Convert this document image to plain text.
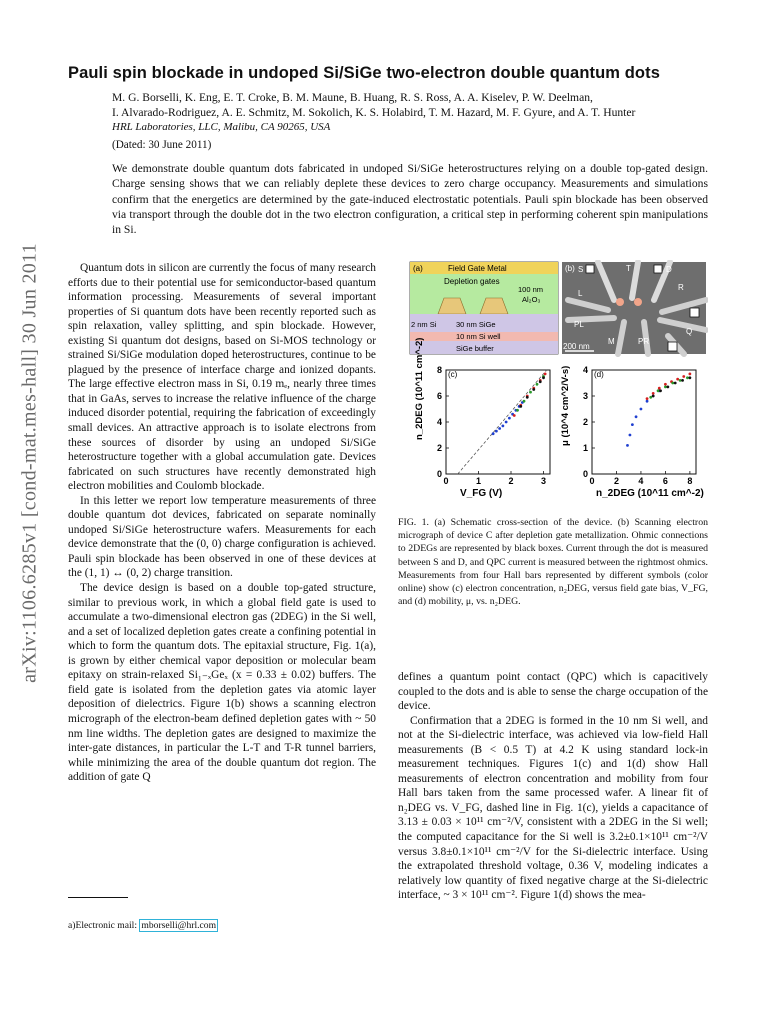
Pauli spin blockade in undoped Si/SiGe two-electron double quantum dots
M. G. Borselli, K. Eng, E. T. Croke, B. M. Maune, B. Huang, R. S. Ross, A. A. Kiselev, P. W. Deelman,
I. Alvarado-Rodriguez, A. E. Schmitz, M. Sokolich, K. S. Holabird, T. M. Hazard, M. F. Gyure, and A. T. Hunter
HRL Laboratories, LLC, Malibu, CA 90265, USA
(Dated: 30 June 2011)
We demonstrate double quantum dots fabricated in undoped Si/SiGe heterostructures relying on a double top-gated design. Charge sensing shows that we can reliably deplete these devices to zero charge occupancy. Measurements and simulations confirm that the energetics are determined by the gate-induced electrostatic potentials. Pauli spin blockade has been observed via transport through the double dot in the two electron configuration, a critical step in performing coherent spin manipulations in Si.
arXiv:1106.6285v1 [cond-mat.mes-hall] 30 Jun 2011	Quantum dots in silicon are currently the focus of many research efforts due to their potential use for semiconductor-based quantum information processing. Measurements of several important properties of Si quantum dots have been recently reported such as spin relaxation, valley splitting, and spin blockade. However, existing Si quantum dot designs, based on Si-MOS technology or strained Si/SiGe modulation doped heterostructures, continue to be plagued by the presence of interface charge and ionized dopants. The large effective electron mass in Si, 0.19 mₑ, nearly three times that in GaAs, serves to increase the relative influence of the charge induced disorder potential, requiring the fabrication of exceedingly small devices. An attractive approach is to isolate electrons from these sources of disorder by using an undoped Si/SiGe heterostructure together with a global accumulation gate. Devices fabricated on such structures have recently demonstrated high electron mobilities and Coulomb blockade.

In this letter we report low temperature measurements of three double quantum dot devices, fabricated on separate nominally undoped Si/SiGe heterostructure wafers. Measurements for each device demonstrate that the (0, 0) charge configuration is achieved. Pauli spin blockade has been observed in one of these devices at the (1, 1) ↔ (0, 2) charge transition.

The device design is based on a double top-gated structure, similar to previous work, in which a global field gate is used to accumulate a two-dimensional electron gas (2DEG) in the Si well, and a set of localized depletion gates create a confining potential in which to form the quantum dots. The epitaxial structure, Fig. 1(a), is grown by either chemical vapor deposition or molecular beam epitaxy on strain-relaxed Si₁₋ₓGeₓ (x = 0.33 ± 0.02) buffers. The field gate is isolated from the depletion gates via atomic layer deposition of dielectrics. Figure 1(b) shows a scanning electron micrograph of the electron-beam defined depletion gates with ~ 50 nm line widths. The depletion gates are designed to maximize the inter-gate distances, in particular the L-T and T-R tunnel barriers, while minimizing the area of the double quantum dot region. The addition of gate Q

a)Electronic mail: mborselli@hrl.com
(a)	Field Gate Metal
Depletion gates
100 nm
Al₂O₃
2 nm Si	30 nm SiGe
10 nm Si well
SiGe buffer
(b) S	T	D
L
R
PL
M	PR
Q
200 nm
(c)
V_FG (V)
n_2DEG (10^11 cm^-2)
0	1	2	3
0
2
4
6
8	(d)
n_2DEG (10^11 cm^-2)
μ (10^4 cm^2/V-s)
0 2 4 6 8
0
1
2
3
4
FIG. 1. (a) Schematic cross-section of the device. (b) Scanning electron micrograph of device C after depletion gate metallization. Ohmic connections to 2DEGs are represented by black boxes. Current through the dot is measured between S and D, and QPC current is measured between the rightmost ohmics. Measurements from four Hall bars represented by different symbols (color online) show (c) electron concentration, n₂DEG, versus field gate bias, V_FG, and (d) mobility, μ, vs. n₂DEG.

defines a quantum point contact (QPC) which is capacitively coupled to the dots and is able to sense the charge occupation of the device.

Confirmation that a 2DEG is formed in the 10 nm Si well, and not at the Si-dielectric interface, was achieved via low-field Hall measurements (B < 0.5 T) at 4.2 K using standard lock-in measurement techniques. Figures 1(c) and 1(d) show Hall measurements of electron concentration and mobility from four Hall bars taken from the same processed wafer. A linear fit of n₂DEG vs. V_FG, dashed line in Fig. 1(c), yields a capacitance of 3.13 ± 0.03 × 10¹¹ cm⁻²/V, consistent with a 2DEG in the Si well; the computed capacitance for the Si well is 3.2±0.1×10¹¹ cm⁻²/V versus 3.8±0.1×10¹¹ cm⁻²/V for the Si-dielectric interface. Using the extrapolated threshold voltage, 0.36 V, modeling indicates a relatively low quantity of fixed negative charge at the Si-dielectric interface, ~ 3 × 10¹¹ cm⁻². Figure 1(d) shows the mea-
